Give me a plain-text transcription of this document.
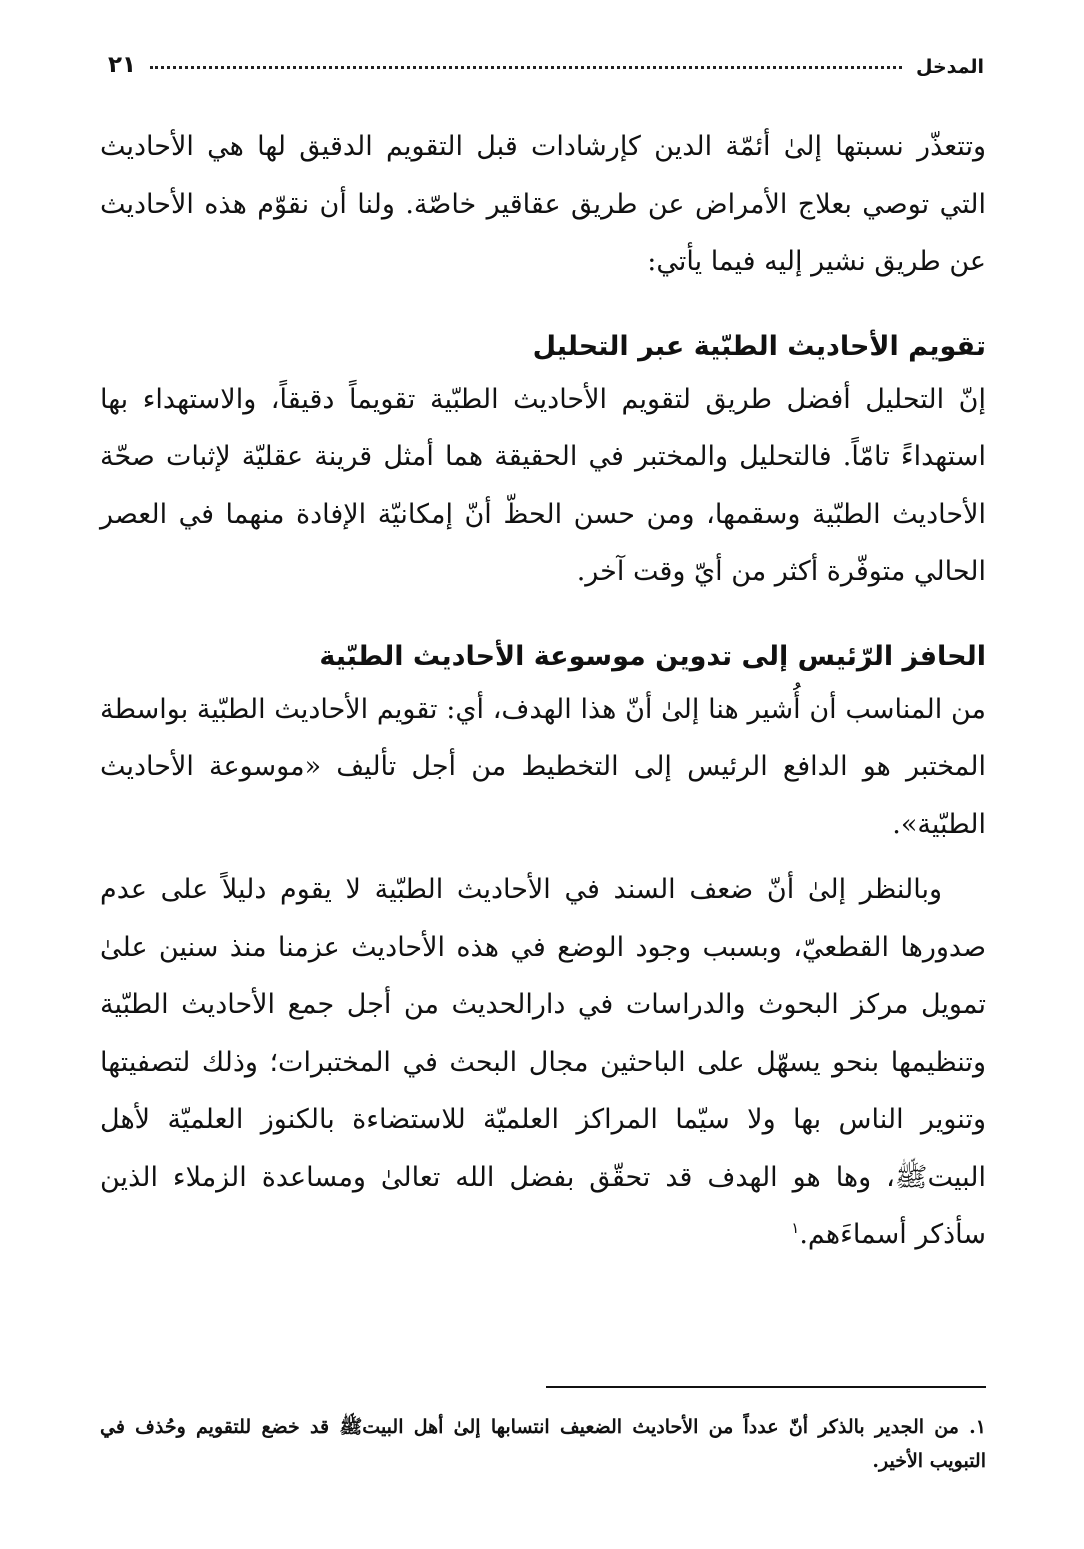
المدخل
٢١

وتتعذّر نسبتها إلىٰ أئمّة الدين كإرشادات قبل التقويم الدقيق لها هي الأحاديث التي توصي بعلاج الأمراض عن طريق عقاقير خاصّة. ولنا أن نقوّم هذه الأحاديث عن طريق نشير إليه فيما يأتي:

تقويم الأحاديث الطبّية عبر التحليل

إنّ التحليل أفضل طريق لتقويم الأحاديث الطبّية تقويماً دقيقاً، والاستهداء بها استهداءً تامّاً. فالتحليل والمختبر في الحقيقة هما أمثل قرينة عقليّة لإثبات صحّة الأحاديث الطبّية وسقمها، ومن حسن الحظّ أنّ إمكانيّة الإفادة منهما في العصر الحالي متوفّرة أكثر من أيّ وقت آخر.

الحافز الرّئيس إلى تدوين موسوعة الأحاديث الطبّية

من المناسب أن أُشير هنا إلىٰ أنّ هذا الهدف، أي: تقويم الأحاديث الطبّية بواسطة المختبر هو الدافع الرئيس إلى التخطيط من أجل تأليف «موسوعة الأحاديث الطبّية».

وبالنظر إلىٰ أنّ ضعف السند في الأحاديث الطبّية لا يقوم دليلاً على عدم صدورها القطعيّ، وبسبب وجود الوضع في هذه الأحاديث عزمنا منذ سنين علىٰ تمويل مركز البحوث والدراسات في دارالحديث من أجل جمع الأحاديث الطبّية وتنظيمها بنحو يسهّل على الباحثين مجال البحث في المختبرات؛ وذلك لتصفيتها وتنوير الناس بها ولا سيّما المراكز العلميّة للاستضاءة بالكنوز العلميّة لأهل البيتﷺ، وها هو الهدف قد تحقّق بفضل الله تعالىٰ ومساعدة الزملاء الذين سأذكر أسماءَهم.$^١$

١. من الجدير بالذكر أنّ عدداً من الأحاديث الضعيف انتسابها إلىٰ أهل البيتﷺ قد خضع للتقويم وحُذف في التبويب الأخير.
